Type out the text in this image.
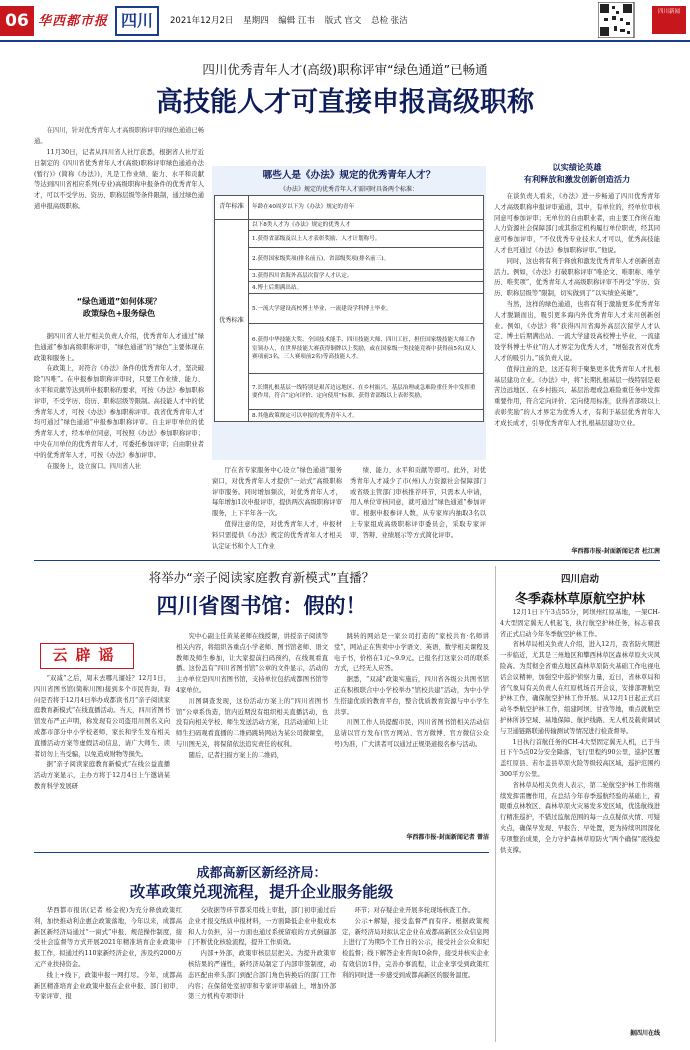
06 华西都市报 四川	2021年12月2日 星期四 编辑 江韦 版式 官文 总检 张洁
四川新闻
四川优秀青年人才(高级)职称评审“绿色通道”已畅通
高技能人才可直接申报高级职称

在四川，针对优秀青年人才高级职称评审的绿色通道已畅通。

11月30日，记者从四川省人社厅获悉，根据省人社厅近日制定的《四川省优秀青年人才(高级)职称评审绿色通道办法(暂行)》(简称《办法》)，凡是工作业绩、能力、水平和贡献等达到四川省相应系列(专业)高级职称申报条件的优秀青年人才，可以不受学历、资历、职称层级等条件限制，通过绿色通道申报高级职称。

“绿色通道”如何体现？
政策绿色+服务绿色

据四川省人社厅相关负责人介绍，优秀青年人才通过“绿色通道”参加高级职称评审，“绿色通道”的“绿色”主要体现在政策和服务上。

在政策上，对符合《办法》条件的优秀青年人才，坚决破除“四唯”。在申报参加职称评审时，只要工作业绩、能力、水平和贡献等达到所申报职称的要求，可按《办法》参加职称评审，不受学历、资历、职称层级等限制。高技能人才中的优秀青年人才，可按《办法》参加职称评审。我省优秀青年人才均可通过“绿色通道”申报参加职称评审。自主评审单位的优秀青年人才，经本单位同意，可按照《办法》参加职称评审；中央在川单位的优秀青年人才，可委托参加评审；自由职业者中的优秀青年人才，可按《办法》参加评审。

在服务上，设立窗口。四川省人社

哪些人是《办法》规定的优秀青年人才？
《办法》规定的优秀青年人才需同时具备两个标准：
青年标准	年龄在40周岁以下为《办法》规定的青年
优秀标准	以下8类人才为《办法》规定的优秀人才
	1.获得省部级及以上人才表彰奖励、人才计划称号。
	2.获得国家级奖项(排名前五)，省部级奖项(排名前三)。
	3.获得四川省海外高层次留学人才认定。
	4.博士后期满出站。
	5.一流大学建设高校博士毕业、一流建设学科博士毕业。
	6.获得中华技能大奖、全国技术能手、四川技能大师、四川工匠，担任国家级技能大师工作室领办人，在世界技能大赛获得铜牌以上奖励，或在国家级一类技能竞赛中获得前5名(双人赛项前3名，三人赛项前2名)等高技能人才。
	7.长期扎根基层一线特别是艰苦边远地区、在乡村振兴、基层治理或急难险重任务中发挥重要作用，符合“定向评价、定向使用”标准，获得省部级以上表彰奖励。
	8.其他政策规定可以申报的优秀青年人才。

厅在省专家服务中心设立“绿色通道”服务窗口，对优秀青年人才提供“一站式”高级职称评审服务。同时增加频次，对优秀青年人才，每年增加1次申报评审，提供两次高级职称评审服务，上下半年各一次。

值得注意的是，对优秀青年人才，申报材料只需提供《办法》规定的优秀青年人才相关认定证书和个人工作业

绩、能力、水平和贡献等即可。此外，对优秀青年人才减少了市(州)人力资源社会保障部门或省级主管部门审核推荐环节，只需本人申请，用人单位审核同意，就可通过“绿色通道”参加评审。根据申报参评人数，从专家库内抽取3名以上专家组成高级职称评审委员会，采取专家评审、答辩、业绩展示等方式简化评审。

以实绩论英雄
有利释放和激发创新创造活力

在谈负责人看来，《办法》进一步畅通了四川优秀青年人才高级职称申报评审通道，其中，有单位的，经单位审核同意可参加评审；无单位的自由职业者，由主要工作所在地人力资源社会保障部门或其指定机构履行单位职责，经其同意可参加评审，“不仅优秀专业技术人才可以，优秀高技能人才也可通过《办法》参加职称评审。”他说。

同时，这也将有利于释放和激发优秀青年人才创新创造活力。例如，《办法》打破职称评审“唯论文、唯职称、唯学历、唯奖项”，优秀青年人才高级职称评审不再受“学历、资历、职称层级等”限制，切实做到了“以实绩论英雄”。

当然，这样的绿色通道，也将有利于激励更多优秀青年人才脱颖而出，吸引更多海内外优秀青年人才来川创新创业。例如，《办法》将“获得四川省海外高层次留学人才认定、博士后期满出站、一流大学建设高校博士毕业、一流建设学科博士毕业”的人才界定为优秀人才，“增强我省对优秀人才的吸引力。”该负责人说。

值得注意的是，这还有利于聚集更多优秀青年人才扎根基层建功立业。《办法》中，将“长期扎根基层一线特别是艰苦边远地区、在乡村振兴、基层治理或急难险重任务中发挥重要作用，符合定向评价、定向使用标准，获得省部级以上表彰奖励”的人才界定为优秀人才，有利于基层优秀青年人才成长成才，引导优秀青年人才扎根基层建功立业。

华西都市报-封面新闻记者 杜江茜
将举办“亲子阅读家庭教育新模式”直播？
四川省图书馆：假的！
云辟谣

“双减”之后，周末去哪儿遛娃？12月1日，四川省图书馆(简称川图)接到多个市民咨询，询问是否将于12月4日举办成都读书月“亲子阅读家庭教育新模式”在线直播活动。当天，四川省图书馆发布严正声明，称发现有公司盗用川图名义向成都市部分中小学校老师、家长和学生发布相关直播活动方案等虚假活动信息，请广大师生、读者切勿上当受骗，以免造成财物等损失。

据“亲子阅读家庭教育新模式”在线公益直播活动方案显示，主办方将于12月4日上午邀请某教育科学发展研

究中心副主任黄某老师在线授课，讲授亲子阅读等相关内容，将组织各重点小学老师、图书馆老师、语文教师及师生参加，让大家提前扫码预约，在线观看直播。这份盖有“四川省图书馆”公章的文件显示，活动的主办单位是四川省图书馆，支持单位包括成都图书馆等4家单位。

川图调查发现，这份活动方案上的“四川省图书馆”公章系伪造，馆内近期没有组织相关直播活动，也没有向相关学校、师生发送活动方案，且活动通知上让师生扫码观看直播的二维码跳转网站为某公司微课堂，与川图无关，将保留依法追究责任的权利。

随后，记者扫描方案上的二维码，

跳转的网站是一家公司打造的“家校共育·名师讲堂”，网站正在售卖中小学语文、英语、数学相关课程及电子书，价格在1元~9.9元。已报名打这家公司的联系方式，已经无人应答。

据悉，“双减”政策实施后，四川省各级公共图书馆正在积极联合中小学校举办“馆校共建”活动，为中小学生搭建优质的教育平台，整合优质教育资源与中小学生共享。

川图工作人员提醒市民，四川省图书馆相关活动信息请以官方发布(官方网站、官方微博、官方微信公众号)为准，广大读者可以通过正规渠道报名参与活动。

华西都市报-封面新闻记者 曾洁
四川启动
冬季森林草原航空护林

12月1日下午3点55分，阿坝州红原基地，一架CH-4大型固定翼无人机起飞，执行航空护林任务，标志着我省正式启动今年冬季航空护林工作。

省林草局相关负责人介绍，进入12月，我省防火期进一步临近，尤其是三州地区和攀西林草区森林草原火灾风险高。为贯彻全省重点地区森林草原防火基础工作电视电话会议精神，加强空中巡护侦察力量，近日，省林草局和省气象局有关负责人在红原机场召开会议，安排部署航空护林工作，确保航空护林工作开展。从12月1日起正式启动冬季航空护林工作，组建阿坝、甘孜等地，重点就航空护林所涉空域、基地保障、航护线路、无人机及载荷调试与卫通链路联通传输测试等情况进行检查督导。

1日执行首航任务的CH-4大型固定翼无人机，已于当日下午5点02分安全降落，飞行里程约90公里，巡护区覆盖红原县、若尔盖县草原火险等级较高区域，巡护范围约300平方公里。

省林草局相关负责人表示，第二轮航空护林工作将继续发挥雷鹰作用，在总结今年春季巡航经验的基础上，着眼重点林牧区、森林草原火灾易发多发区域，优选航线进行精准巡护，不错过监航范围的每一点点疑似火情、可疑火点，确保早发现、早报告、早处置，更为持续巩固深化专项整治成果，全力守护森林草原防火“两个确保”底线提供支撑。

据四川在线
成都高新区新经济局：
改革政策兑现流程，提升企业服务能级

华西都市报讯(记者 杨金祝)为充分释放政策红利，加快推动利企惠企政策落地，今年以来，成都高新区新经济局通过“一窗式”申报、规范操作制度，接受社会监督等方式开展2021年精准培育企业政策申报工作，拟通过约110家新经济企业，涉及约2000万元产业扶持资金。

线上+线下，政策申报一网打尽。今年，成都高新区精准培育企业政策申报在企业申报、部门初审、专家评审、报

交收据等环节都采用线上审批，部门初审通过后企业才报交纸质申报材料，一方面降低企业申报成本和人力负担，另一方面也通过系统留痕的方式倒逼部门不断优化核验流程，提升工作质效。

内部+外部，政策审核层层把关。为提升政策审核结果的严谨性，新经济局制定了内部审签制度，动态匹配由牵头部门到配合部门角色转换后的部门工作内容；在保留处室初审和专家评审基础上，增加外部第三方机构专项审计

环节；对存疑企业开展多轮现场核查工作。

公示+解疑，接受监督严而有序。根据政策规定，新经济局对拟认定企业在成都高新区公众信息网上进行了为期5个工作日的公示，接受社会公众和纪检监督；线下解答企业咨询10余件，接受并核实企业有效信访1件，完善办事流程，让企业享受到政策红利的同时进一步感受到成都高新区的服务温度。
